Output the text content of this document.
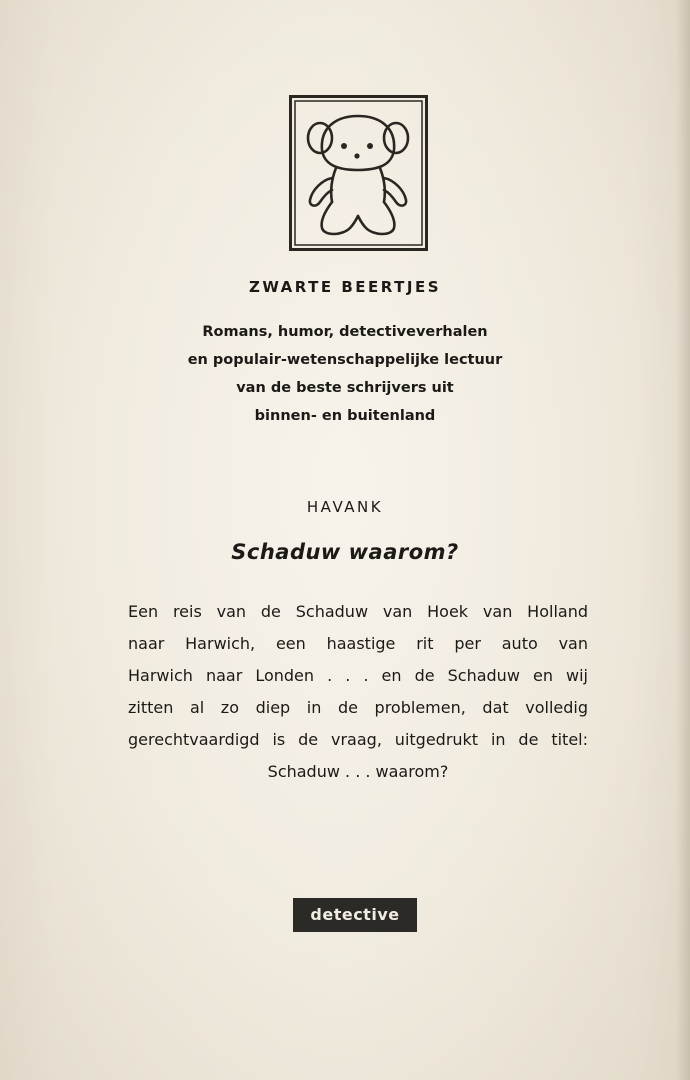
ZWARTE BEERTJES
Romans, humor, detectiveverhalen
en populair-wetenschappelijke lectuur
van de beste schrijvers uit
binnen- en buitenland
HAVANK
Schaduw waarom?
Een reis van de Schaduw van Hoek van Holland
naar Harwich, een haastige rit per auto van
Harwich naar Londen . . . en de Schaduw en wij
zitten al zo diep in de problemen, dat volledig
gerechtvaardigd is de vraag, uitgedrukt in de titel:
Schaduw . . . waarom?
detective
